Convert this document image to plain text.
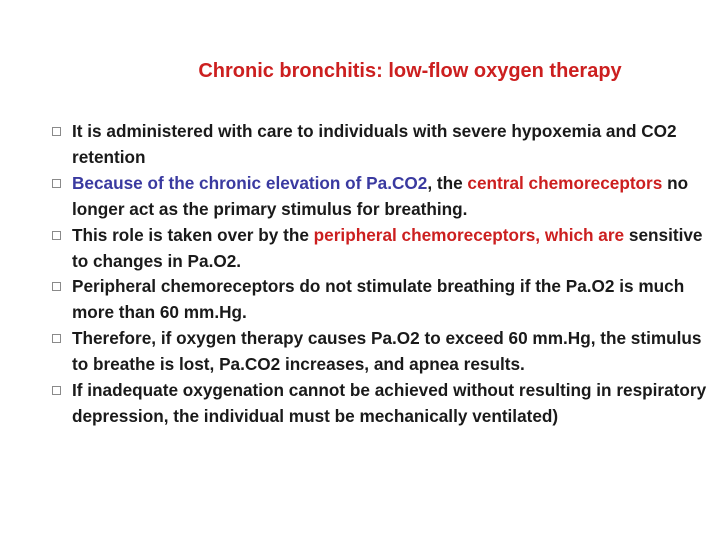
Chronic bronchitis: low-flow oxygen therapy
It is administered with care to individuals with severe hypoxemia and CO2 retention
Because of the chronic elevation of Pa.CO2, the central chemoreceptors no longer act as the primary stimulus for breathing.
This role is taken over by the peripheral chemoreceptors, which are sensitive to changes in Pa.O2.
Peripheral chemoreceptors do not stimulate breathing if the Pa.O2 is much more than 60 mm.Hg.
Therefore, if oxygen therapy causes Pa.O2 to exceed 60 mm.Hg, the stimulus to breathe is lost, Pa.CO2 increases, and apnea results.
If inadequate oxygenation cannot be achieved without resulting in respiratory depression, the individual must be mechanically ventilated)
